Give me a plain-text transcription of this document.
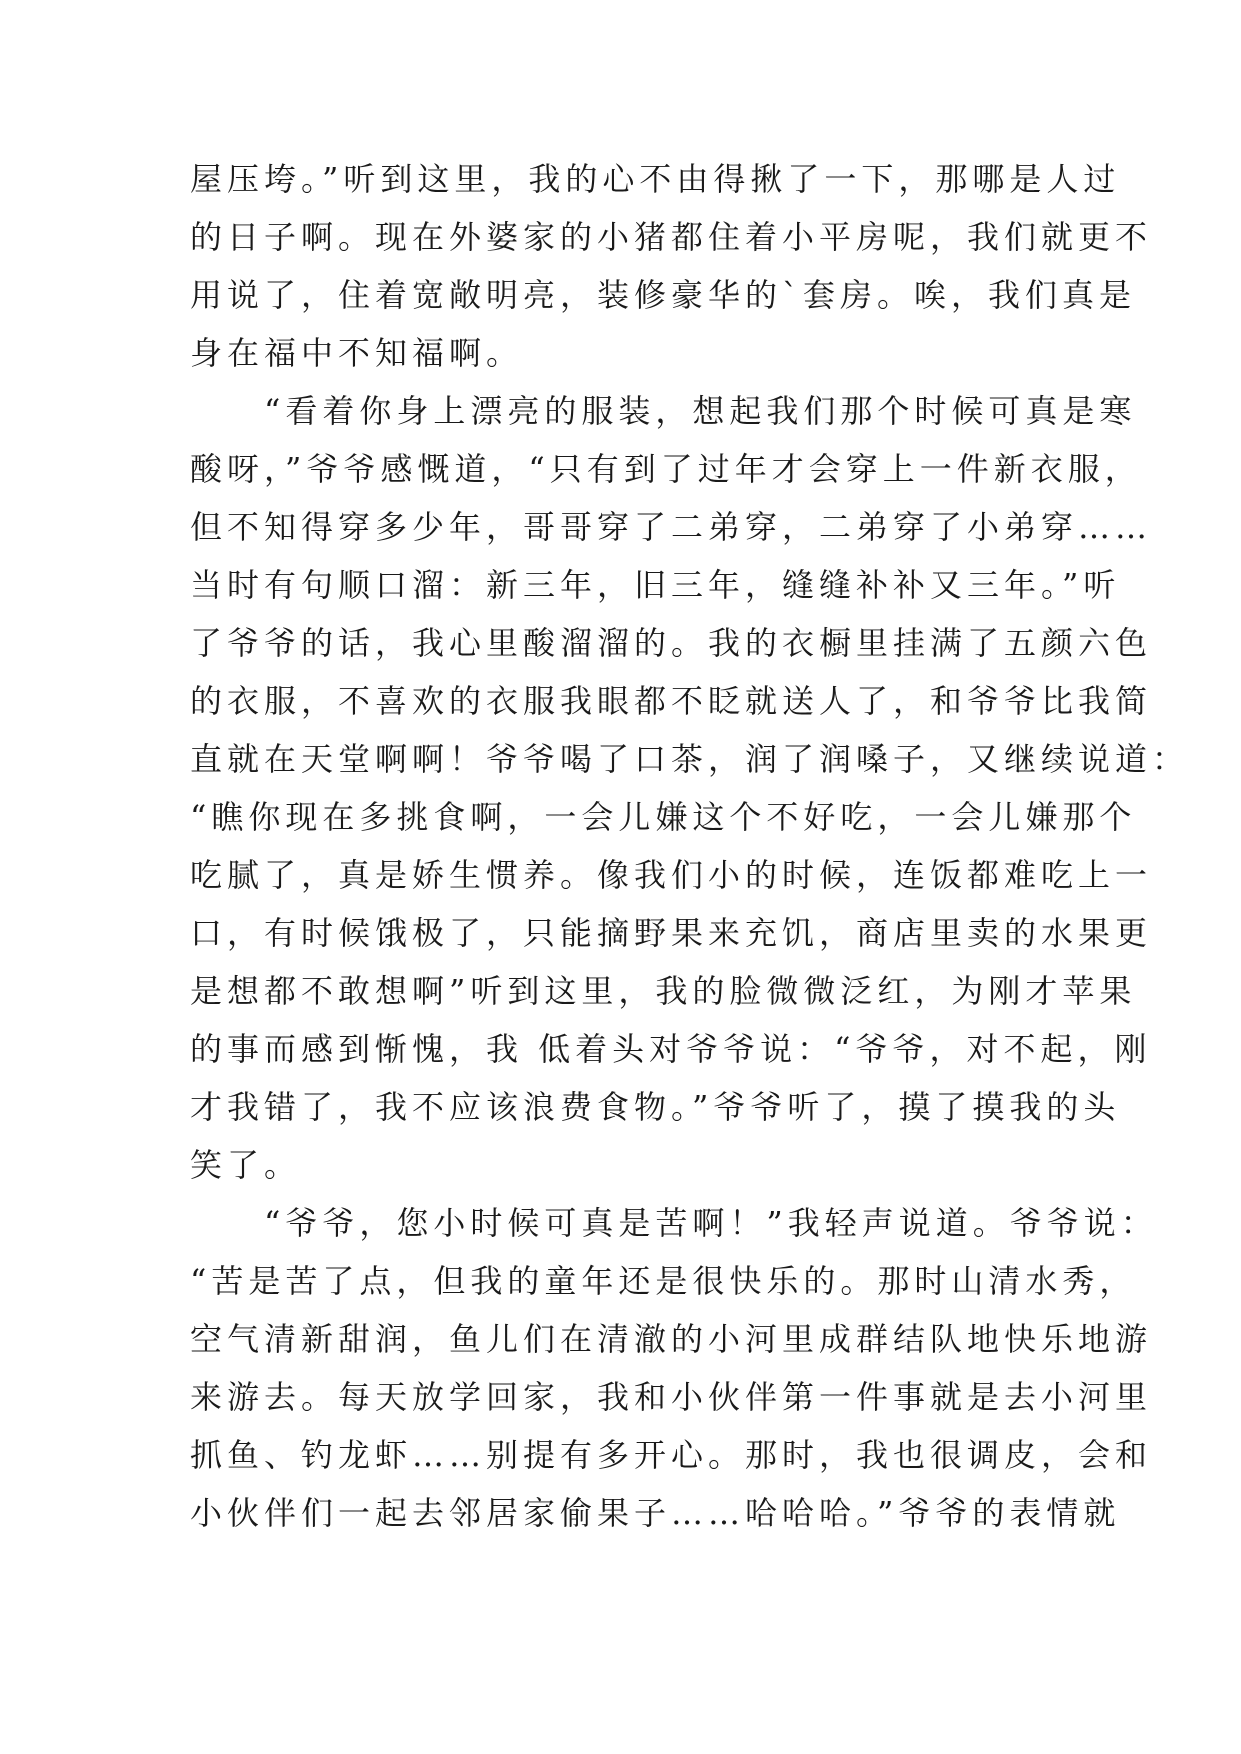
屋压垮。”听到这里，我的心不由得揪了一下，那哪是人过
的日子啊。现在外婆家的小猪都住着小平房呢，我们就更不
用说了，住着宽敞明亮，装修豪华的`套房。唉，我们真是
身在福中不知福啊。
　　“看着你身上漂亮的服装，想起我们那个时候可真是寒
酸呀，”爷爷感慨道，“只有到了过年才会穿上一件新衣服，
但不知得穿多少年，哥哥穿了二弟穿，二弟穿了小弟穿……
当时有句顺口溜：新三年，旧三年，缝缝补补又三年。”听
了爷爷的话，我心里酸溜溜的。我的衣橱里挂满了五颜六色
的衣服，不喜欢的衣服我眼都不眨就送人了，和爷爷比我简
直就在天堂啊啊！爷爷喝了口茶，润了润嗓子，又继续说道：
“瞧你现在多挑食啊，一会儿嫌这个不好吃，一会儿嫌那个
吃腻了，真是娇生惯养。像我们小的时候，连饭都难吃上一
口，有时候饿极了，只能摘野果来充饥，商店里卖的水果更
是想都不敢想啊”听到这里，我的脸微微泛红，为刚才苹果
的事而感到惭愧，我 低着头对爷爷说：“爷爷，对不起，刚
才我错了，我不应该浪费食物。”爷爷听了，摸了摸我的头
笑了。
　　“爷爷，您小时候可真是苦啊！”我轻声说道。爷爷说：
“苦是苦了点，但我的童年还是很快乐的。那时山清水秀，
空气清新甜润，鱼儿们在清澈的小河里成群结队地快乐地游
来游去。每天放学回家，我和小伙伴第一件事就是去小河里
抓鱼、钓龙虾……别提有多开心。那时，我也很调皮，会和
小伙伴们一起去邻居家偷果子……哈哈哈。”爷爷的表情就
